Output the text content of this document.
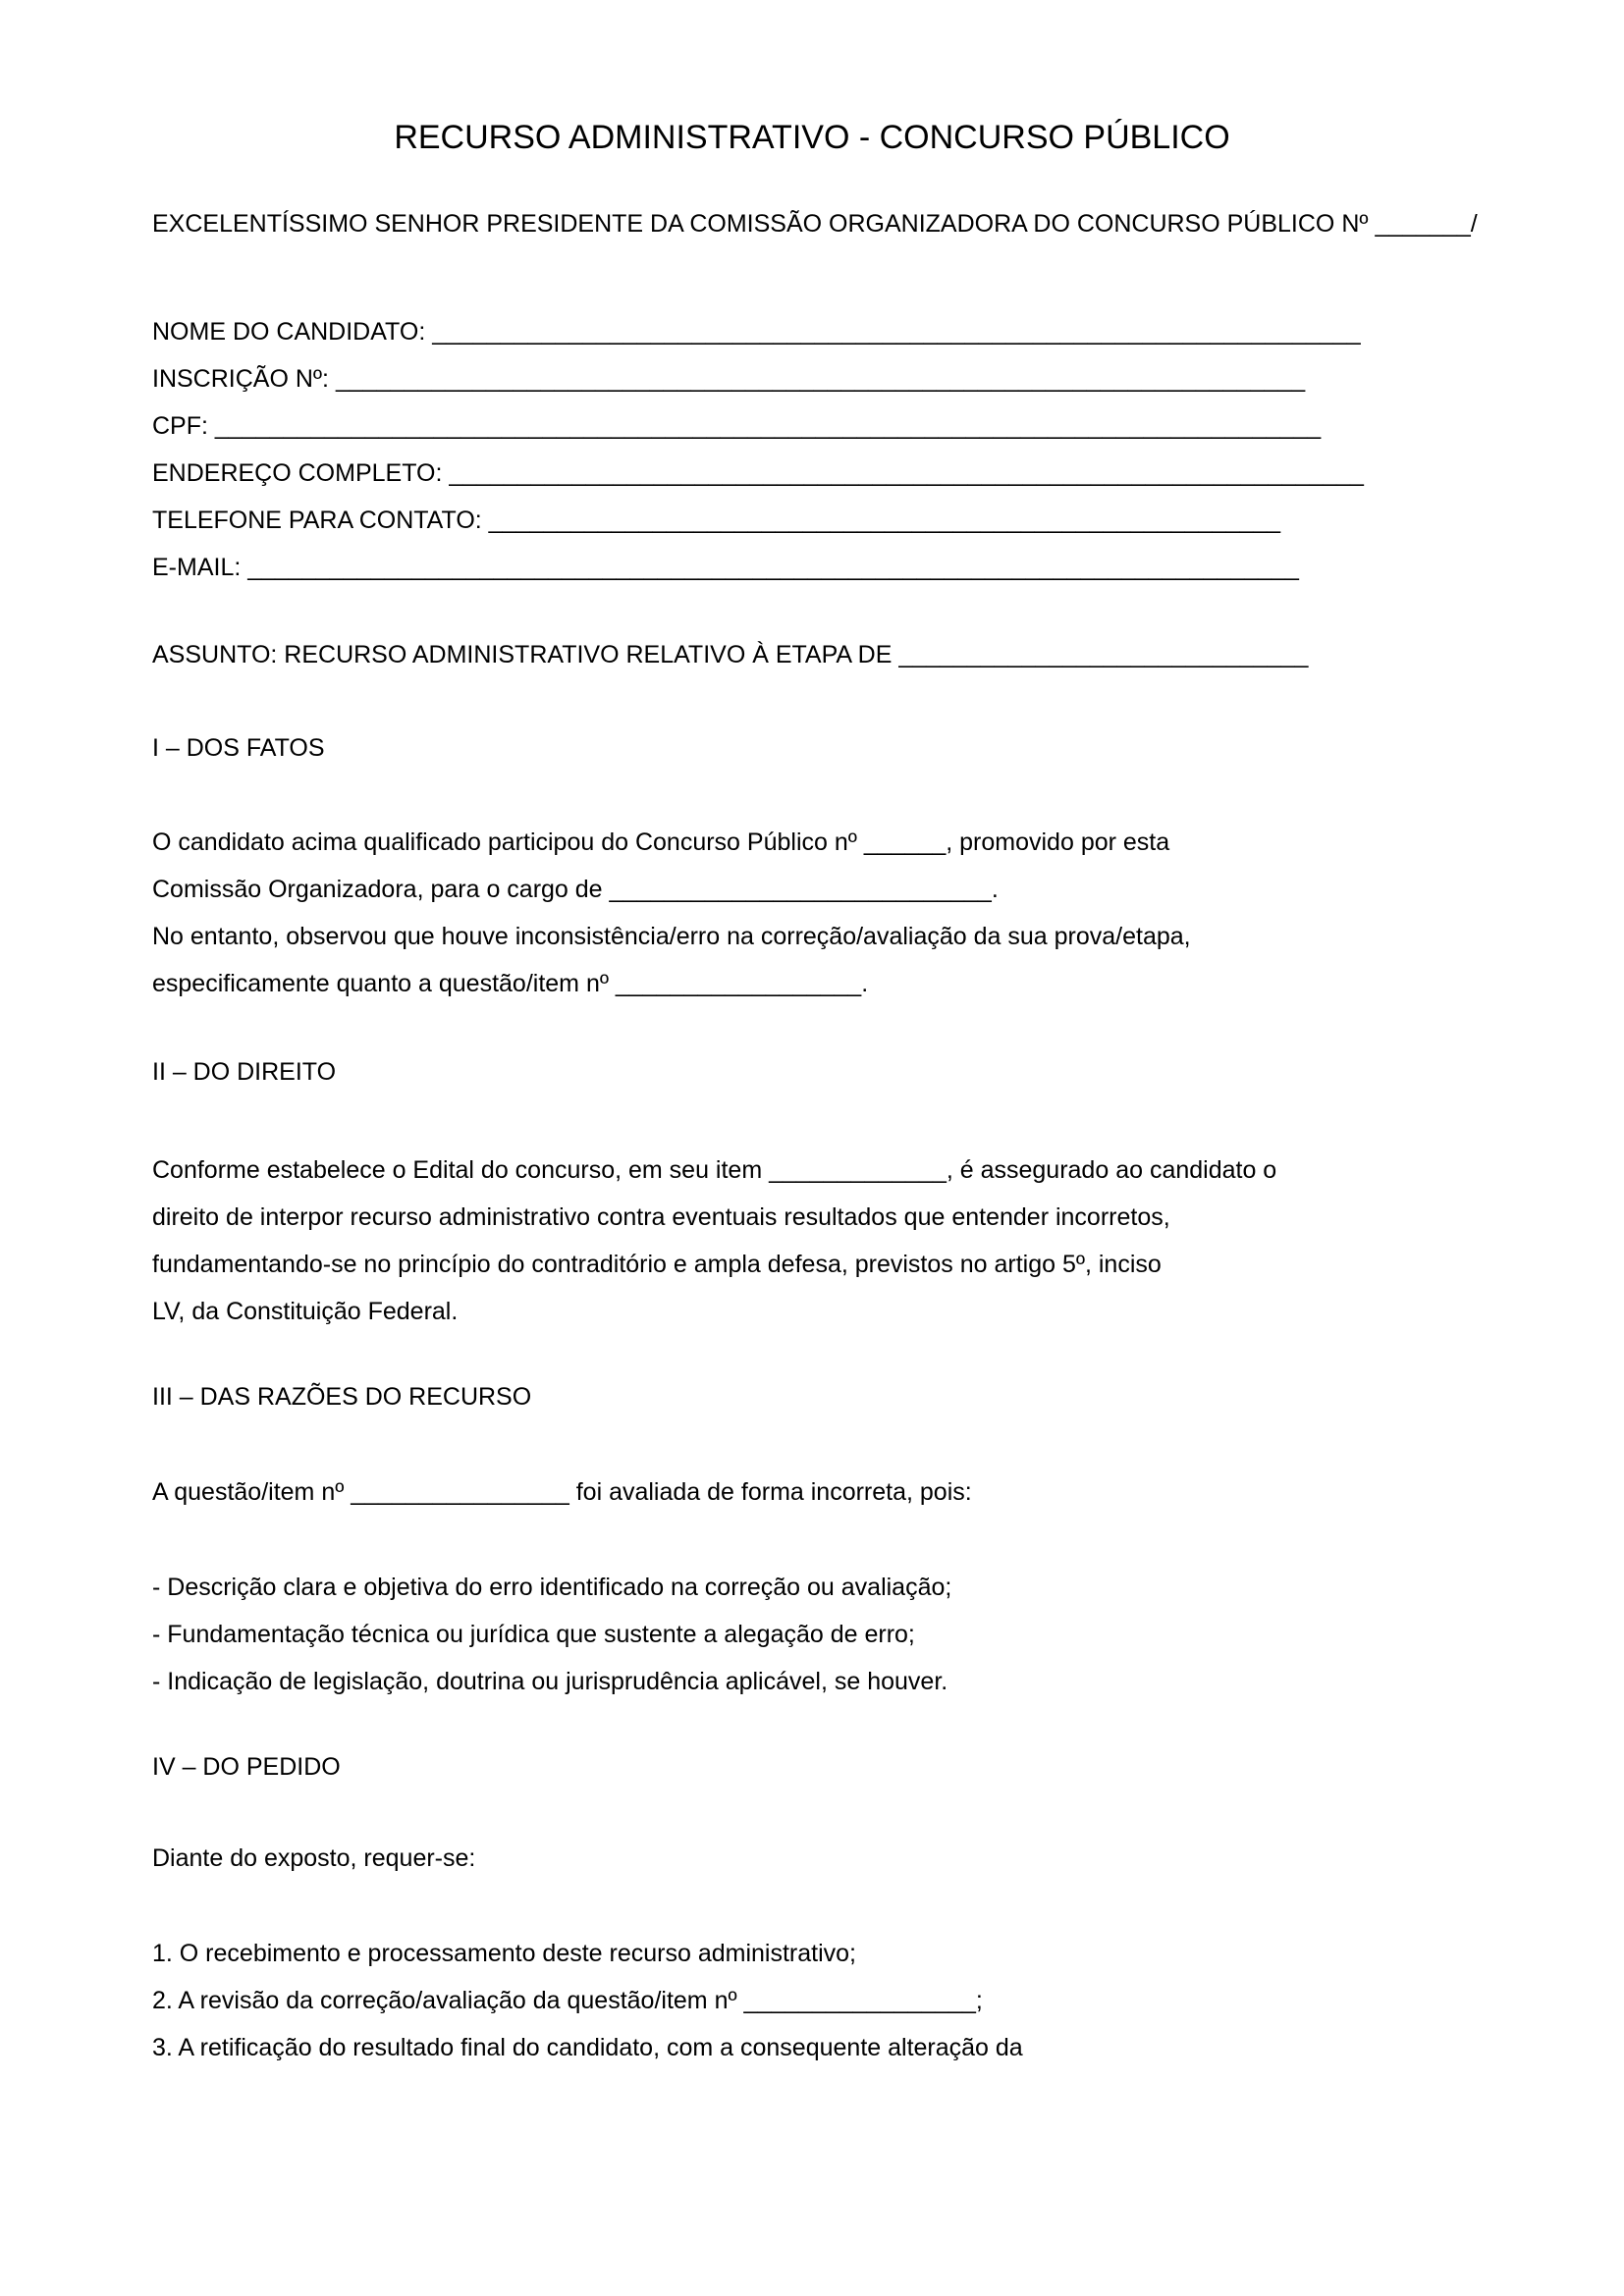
RECURSO ADMINISTRATIVO - CONCURSO PÚBLICO

EXCELENTÍSSIMO SENHOR PRESIDENTE DA COMISSÃO ORGANIZADORA DO CONCURSO PÚBLICO Nº _______/

NOME DO CANDIDATO: ____________________________________________________________________

INSCRIÇÃO Nº: _______________________________________________________________________

CPF: _________________________________________________________________________________

ENDEREÇO COMPLETO: ___________________________________________________________________

TELEFONE PARA CONTATO: __________________________________________________________

E-MAIL: _____________________________________________________________________________

ASSUNTO: RECURSO ADMINISTRATIVO RELATIVO À ETAPA DE ______________________________

I – DOS FATOS

O candidato acima qualificado participou do Concurso Público nº ______, promovido por esta

Comissão Organizadora, para o cargo de ____________________________.

No entanto, observou que houve inconsistência/erro na correção/avaliação da sua prova/etapa,

especificamente quanto a questão/item nº __________________.

II – DO DIREITO

Conforme estabelece o Edital do concurso, em seu item _____________, é assegurado ao candidato o

direito de interpor recurso administrativo contra eventuais resultados que entender incorretos,

fundamentando-se no princípio do contraditório e ampla defesa, previstos no artigo 5º, inciso

LV, da Constituição Federal.

III – DAS RAZÕES DO RECURSO

A questão/item nº ________________ foi avaliada de forma incorreta, pois:

- Descrição clara e objetiva do erro identificado na correção ou avaliação;

- Fundamentação técnica ou jurídica que sustente a alegação de erro;

- Indicação de legislação, doutrina ou jurisprudência aplicável, se houver.

IV – DO PEDIDO

Diante do exposto, requer-se:

1. O recebimento e processamento deste recurso administrativo;

2. A revisão da correção/avaliação da questão/item nº _________________;

3. A retificação do resultado final do candidato, com a consequente alteração da
